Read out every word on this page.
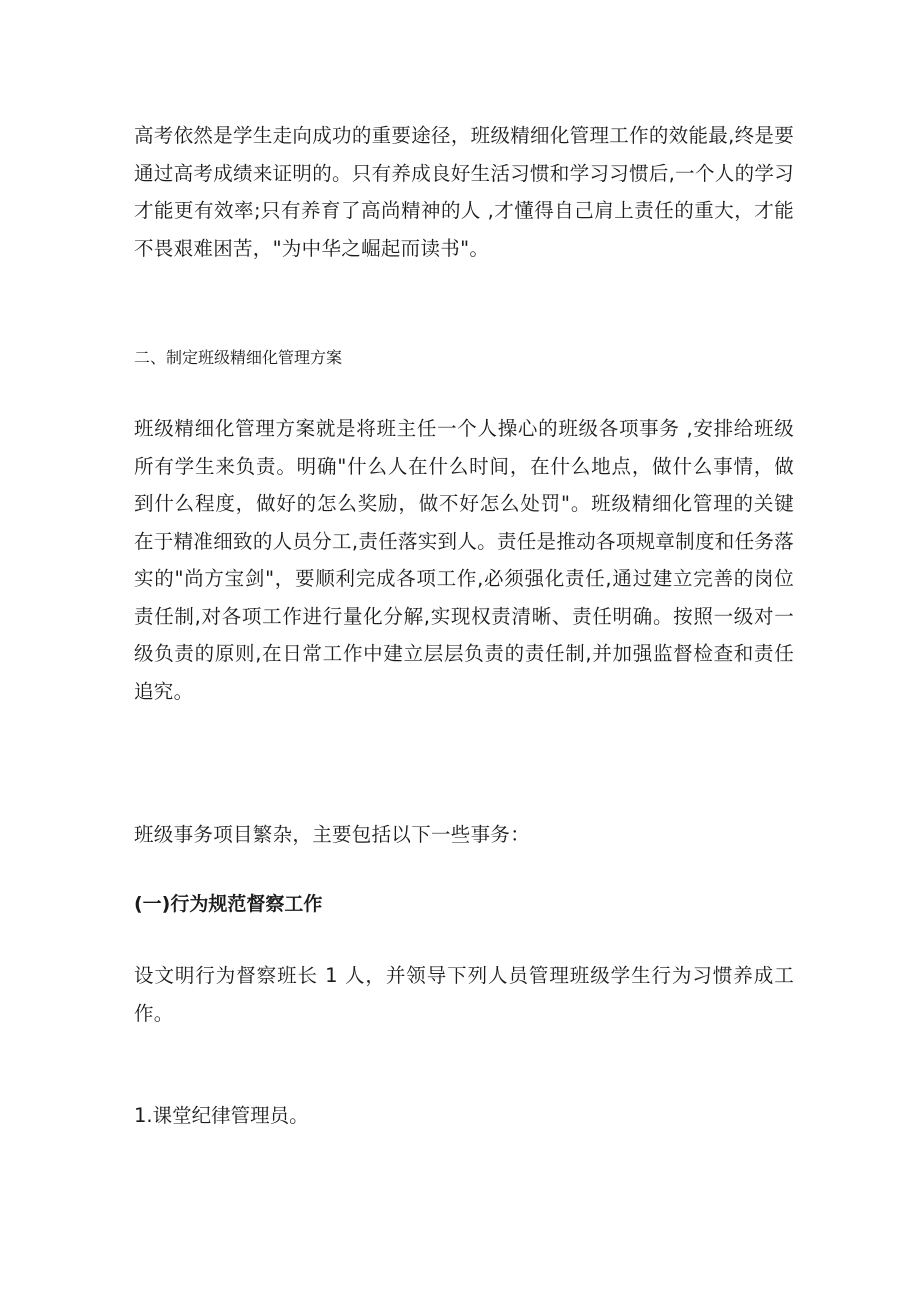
高考依然是学生走向成功的重要途径，班级精细化管理工作的效能最,终是要通过高考成绩来证明的。只有养成良好生活习惯和学习习惯后,一个人的学习才能更有效率;只有养育了高尚精神的人 ,才懂得自己肩上责任的重大，才能不畏艰难困苦，"为中华之崛起而读书"。

二、制定班级精细化管理方案

班级精细化管理方案就是将班主任一个人操心的班级各项事务 ,安排给班级所有学生来负责。明确"什么人在什么时间，在什么地点，做什么事情，做到什么程度，做好的怎么奖励，做不好怎么处罚"。班级精细化管理的关键在于精准细致的人员分工,责任落实到人。责任是推动各项规章制度和任务落实的"尚方宝剑"，要顺利完成各项工作,必须强化责任,通过建立完善的岗位责任制,对各项工作进行量化分解,实现权责清晰、责任明确。按照一级对一级负责的原则,在日常工作中建立层层负责的责任制,并加强监督检查和责任追究。

班级事务项目繁杂，主要包括以下一些事务：

(一)行为规范督察工作

设文明行为督察班长 1 人，并领导下列人员管理班级学生行为习惯养成工作。

1.课堂纪律管理员。
